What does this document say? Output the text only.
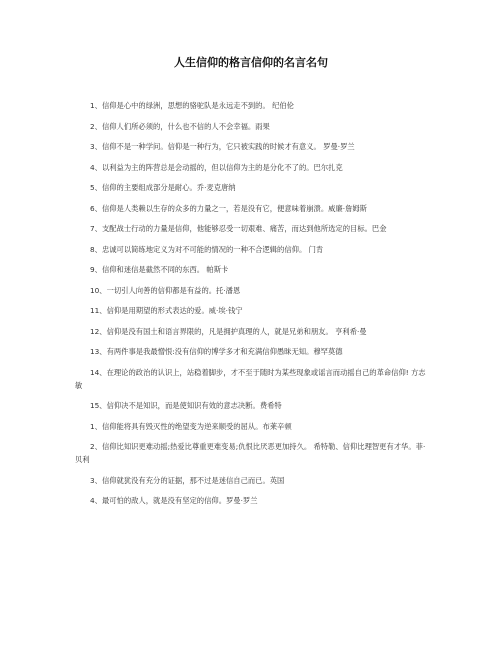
人生信仰的格言信仰的名言名句

1、信仰是心中的绿洲，思想的骆驼队是永远走不到的。 纪伯伦

2、信仰人们所必须的，什么也不信的人不会幸福。雨果

3、信仰不是一种学问。信仰是一种行为，它只被实践的时候才有意义。 罗曼·罗兰

4、以利益为主的阵营总是会动摇的，但以信仰为主的是分化不了的。巴尔扎克

5、信仰的主要组成部分是耐心。乔·麦克唐纳

6、信仰是人类赖以生存的众多的力量之一，若是没有它，便意味着崩溃。威廉·詹姆斯

7、支配战士行动的力量是信仰，他能够忍受一切艰难、痛苦，而达到他所选定的目标。巴金

8、忠诚可以简练地定义为对不可能的情况的一种不合逻辑的信仰。 门肯

9、信仰和迷信是截然不同的东西。 帕斯卡

10、一切引人向善的信仰都是有益的。托·潘恩

11、信仰是用期望的形式表达的爱。威·埃·钱宁

12、信仰是没有国土和语言界限的，凡是拥护真理的人，就是兄弟和朋友。 亨利希·曼

13、有两件事是我最憎恨:没有信仰的博学多才和充满信仰愚昧无知。穆罕莫德

14、在理论的政治的认识上，站稳着脚步，才不至于随时为某些现象或谣言而动摇自己的革命信仰! 方志敏

15、信仰决不是知识，而是使知识有效的意志决断。费希特

1、信仰能将具有毁灭性的绝望变为逆来顺受的屈从。布莱辛顿

2、信仰比知识更难动摇;热爱比尊重更难变易;仇恨比厌恶更加持久。 希特勒、信仰比理智更有才华。菲·贝利

3、信仰就犹没有充分的证据，那不过是迷信自己而已。英国

4、最可怕的敌人，就是没有坚定的信仰。罗曼·罗兰
